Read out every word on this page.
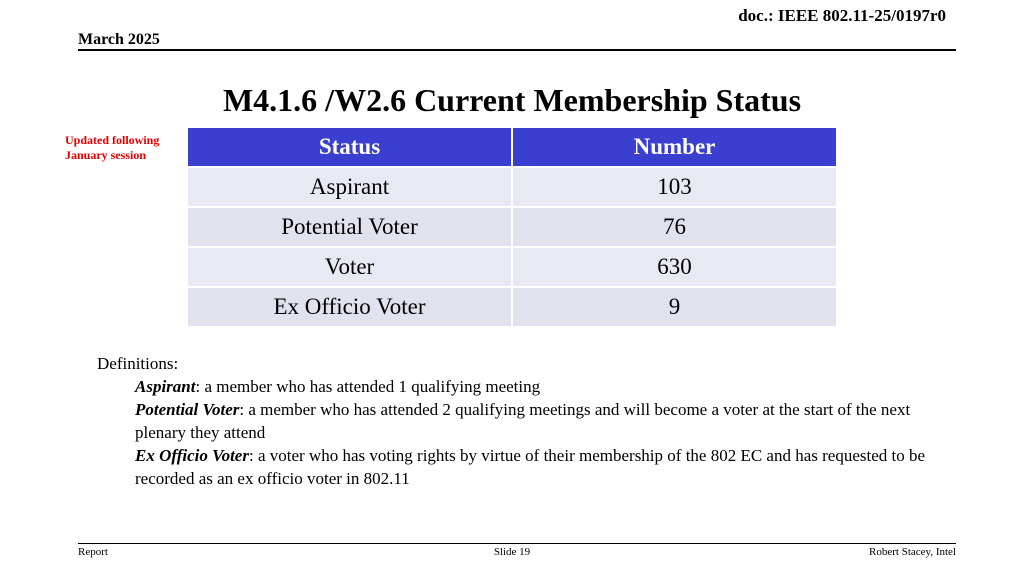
doc.: IEEE 802.11-25/0197r0
March 2025
M4.1.6 /W2.6 Current Membership Status
Updated following
January session	Status	Number
Aspirant	103
Potential Voter	76
Voter	630
Ex Officio Voter	9
Definitions:
Aspirant: a member who has attended 1 qualifying meeting
Potential Voter: a member who has attended 2 qualifying meetings and will become a voter at the start of the next plenary they attend
Ex Officio Voter: a voter who has voting rights by virtue of their membership of the 802 EC and has requested to be recorded as an ex officio voter in 802.11
Report	Slide 19	Robert Stacey, Intel
